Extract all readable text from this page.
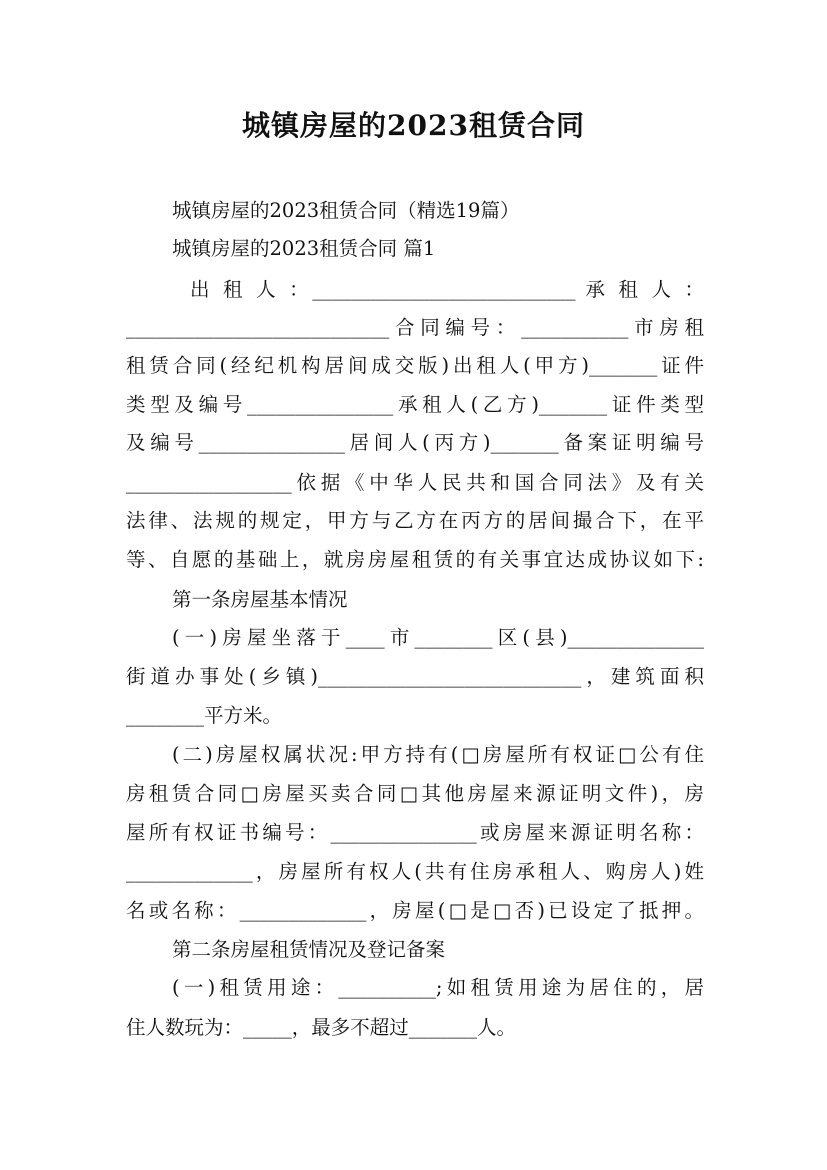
城镇房屋的2023租赁合同
城镇房屋的2023租赁合同（精选19篇）
城镇房屋的2023租赁合同 篇1
出 租 人 ：___________________________ 承 租 人 ：
___________________________合同编号：___________市房租
租赁合同(经纪机构居间成交版)出租人(甲方)_______证件
类型及编号_______________承租人(乙方)_______证件类型
及编号_______________居间人(丙方)_______备案证明编号
_________________依据《中华人民共和国合同法》及有关
法律、法规的规定，甲方与乙方在丙方的居间撮合下，在平
等、自愿的基础上，就房房屋租赁的有关事宜达成协议如下:
第一条房屋基本情况
(一)房屋坐落于____市________区(县)______________
街道办事处(乡镇)___________________________，建筑面积
________平方米。
(二)房屋权属状况:甲方持有(□房屋所有权证□公有住
房租赁合同□房屋买卖合同□其他房屋来源证明文件)，房
屋所有权证书编号：_______________或房屋来源证明名称：
_____________，房屋所有权人(共有住房承租人、购房人)姓
名或名称：_____________，房屋(□是□否)已设定了抵押。
第二条房屋租赁情况及登记备案
(一)租赁用途：__________;如租赁用途为居住的，居
住人数玩为：_____，最多不超过_______人。
